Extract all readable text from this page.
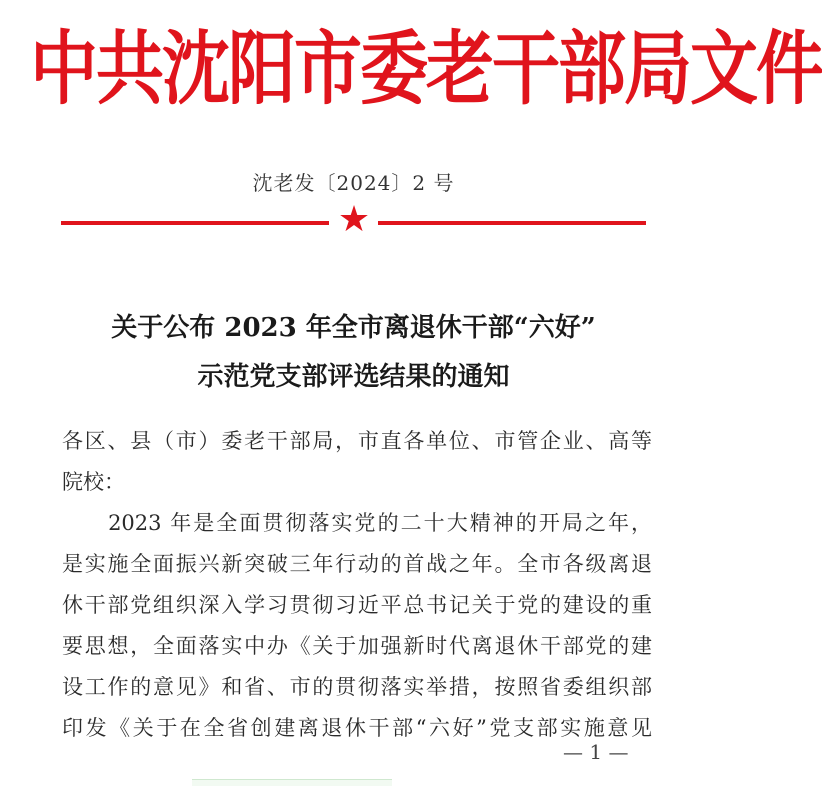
中共沈阳市委老干部局文件
沈老发〔2024〕2 号
★
关于公布 2023 年全市离退休干部“六好”
示范党支部评选结果的通知
各区、县（市）委老干部局，市直各单位、市管企业、高等
院校：
　　2023 年是全面贯彻落实党的二十大精神的开局之年，
是实施全面振兴新突破三年行动的首战之年。全市各级离退
休干部党组织深入学习贯彻习近平总书记关于党的建设的重
要思想，全面落实中办《关于加强新时代离退休干部党的建
设工作的意见》和省、市的贯彻落实举措，按照省委组织部
印发《关于在全省创建离退休干部“六好”党支部实施意见
— 1 —
